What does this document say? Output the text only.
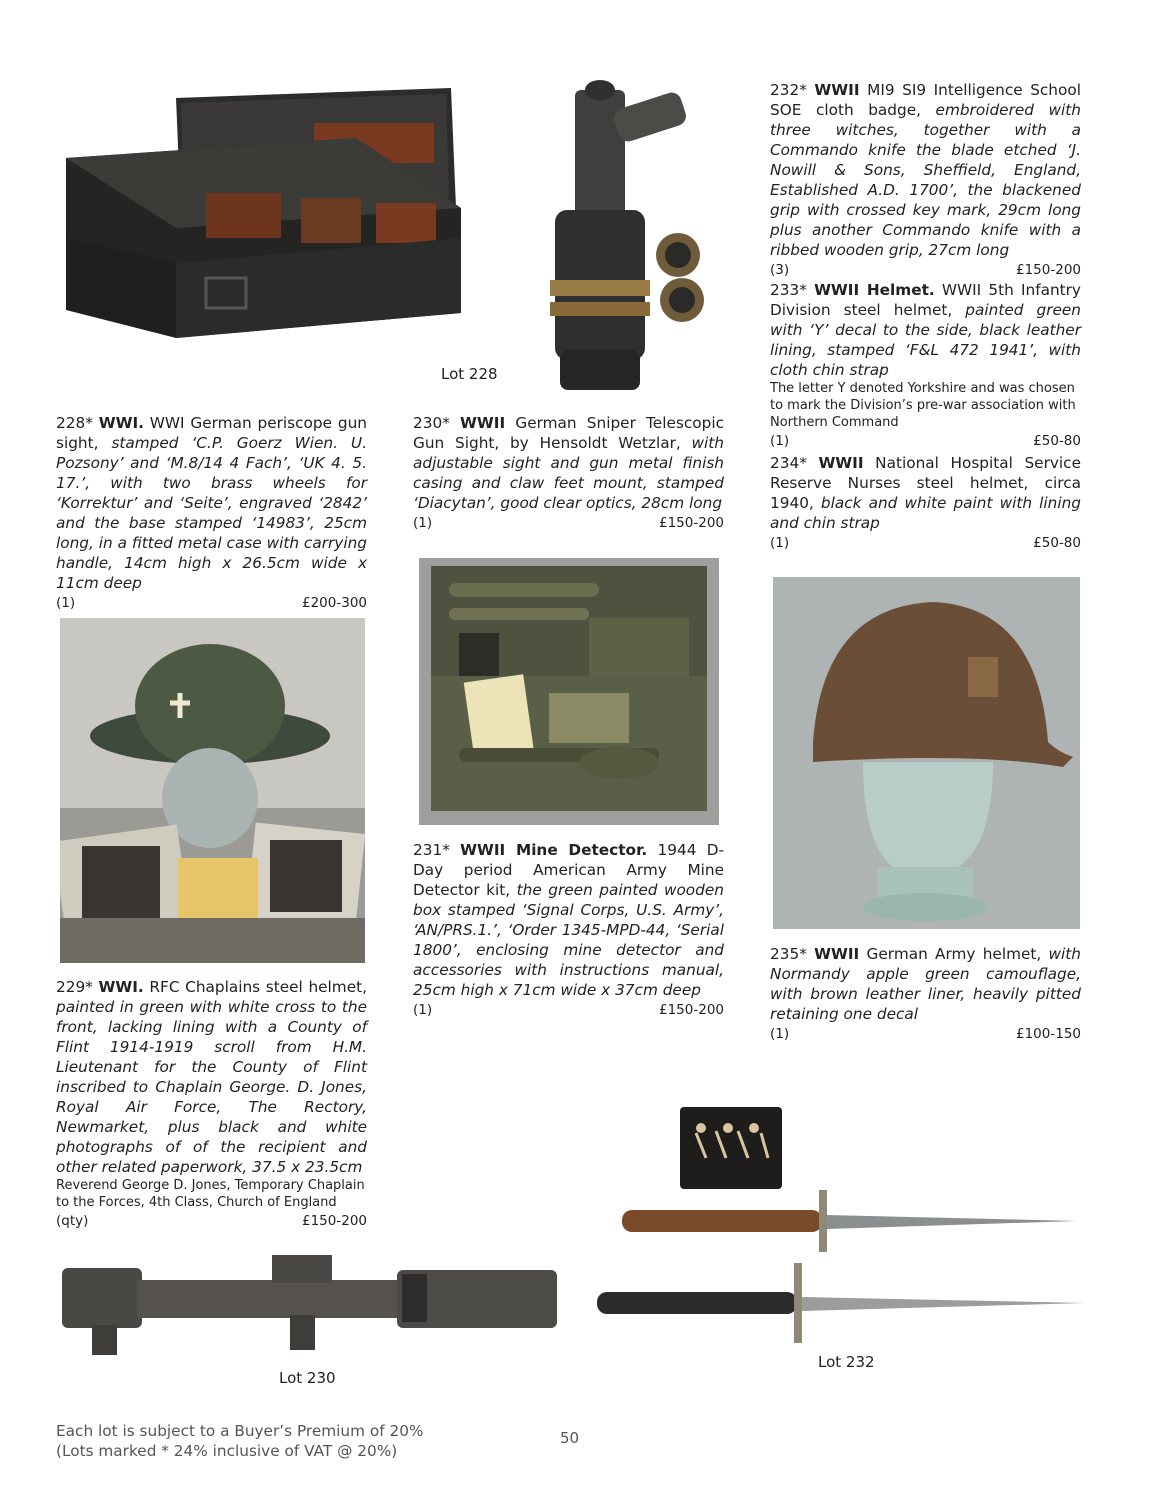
Lot 228
Lot 232
Lot 230
228* WWI. WWI German periscope gun sight, stamped ‘C.P. Goerz Wien. U. Pozsony’ and ‘M.8/14 4 Fach’, ‘UK 4. 5. 17.’, with two brass wheels for ‘Korrektur’ and ‘Seite’, engraved ‘2842’ and the base stamped ‘14983’, 25cm long, in a fitted metal case with carrying handle, 14cm high x 26.5cm wide x 11cm deep
(1)	£200-300
229* WWI. RFC Chaplains steel helmet, painted in green with white cross to the front, lacking lining with a County of Flint 1914-1919 scroll from H.M. Lieutenant for the County of Flint inscribed to Chaplain George. D. Jones, Royal Air Force, The Rectory, Newmarket, plus black and white photographs of of the recipient and other related paperwork, 37.5 x 23.5cm
Reverend George D. Jones, Temporary Chaplain to the Forces, 4th Class, Church of England
(qty)	£150-200
230* WWII German Sniper Telescopic Gun Sight, by Hensoldt Wetzlar, with adjustable sight and gun metal finish casing and claw feet mount, stamped ‘Diacytan’, good clear optics, 28cm long
(1)	£150-200
231* WWII Mine Detector. 1944 D-Day period American Army Mine Detector kit, the green painted wooden box stamped ‘Signal Corps, U.S. Army’, ‘AN/PRS.1.’, ‘Order 1345-MPD-44, ‘Serial 1800’, enclosing mine detector and accessories with instructions manual, 25cm high x 71cm wide x 37cm deep
(1)	£150-200
232* WWII MI9 SI9 Intelligence School SOE cloth badge, embroidered with three witches, together with a Commando knife the blade etched ‘J. Nowill & Sons, Sheffield, England, Established A.D. 1700’, the blackened grip with crossed key mark, 29cm long plus another Commando knife with a ribbed wooden grip, 27cm long
(3)	£150-200
233* WWII Helmet. WWII 5th Infantry Division steel helmet, painted green with ‘Y’ decal to the side, black leather lining, stamped ‘F&L 472 1941’, with cloth chin strap
The letter Y denoted Yorkshire and was chosen to mark the Division’s pre-war association with Northern Command
(1)	£50-80
234* WWII National Hospital Service Reserve Nurses steel helmet, circa 1940, black and white paint with lining and chin strap
(1)	£50-80
235* WWII German Army helmet, with Normandy apple green camouflage, with brown leather liner, heavily pitted retaining one decal
(1)	£100-150
Each lot is subject to a Buyer’s Premium of 20%
(Lots marked * 24% inclusive of VAT @ 20%)
50
